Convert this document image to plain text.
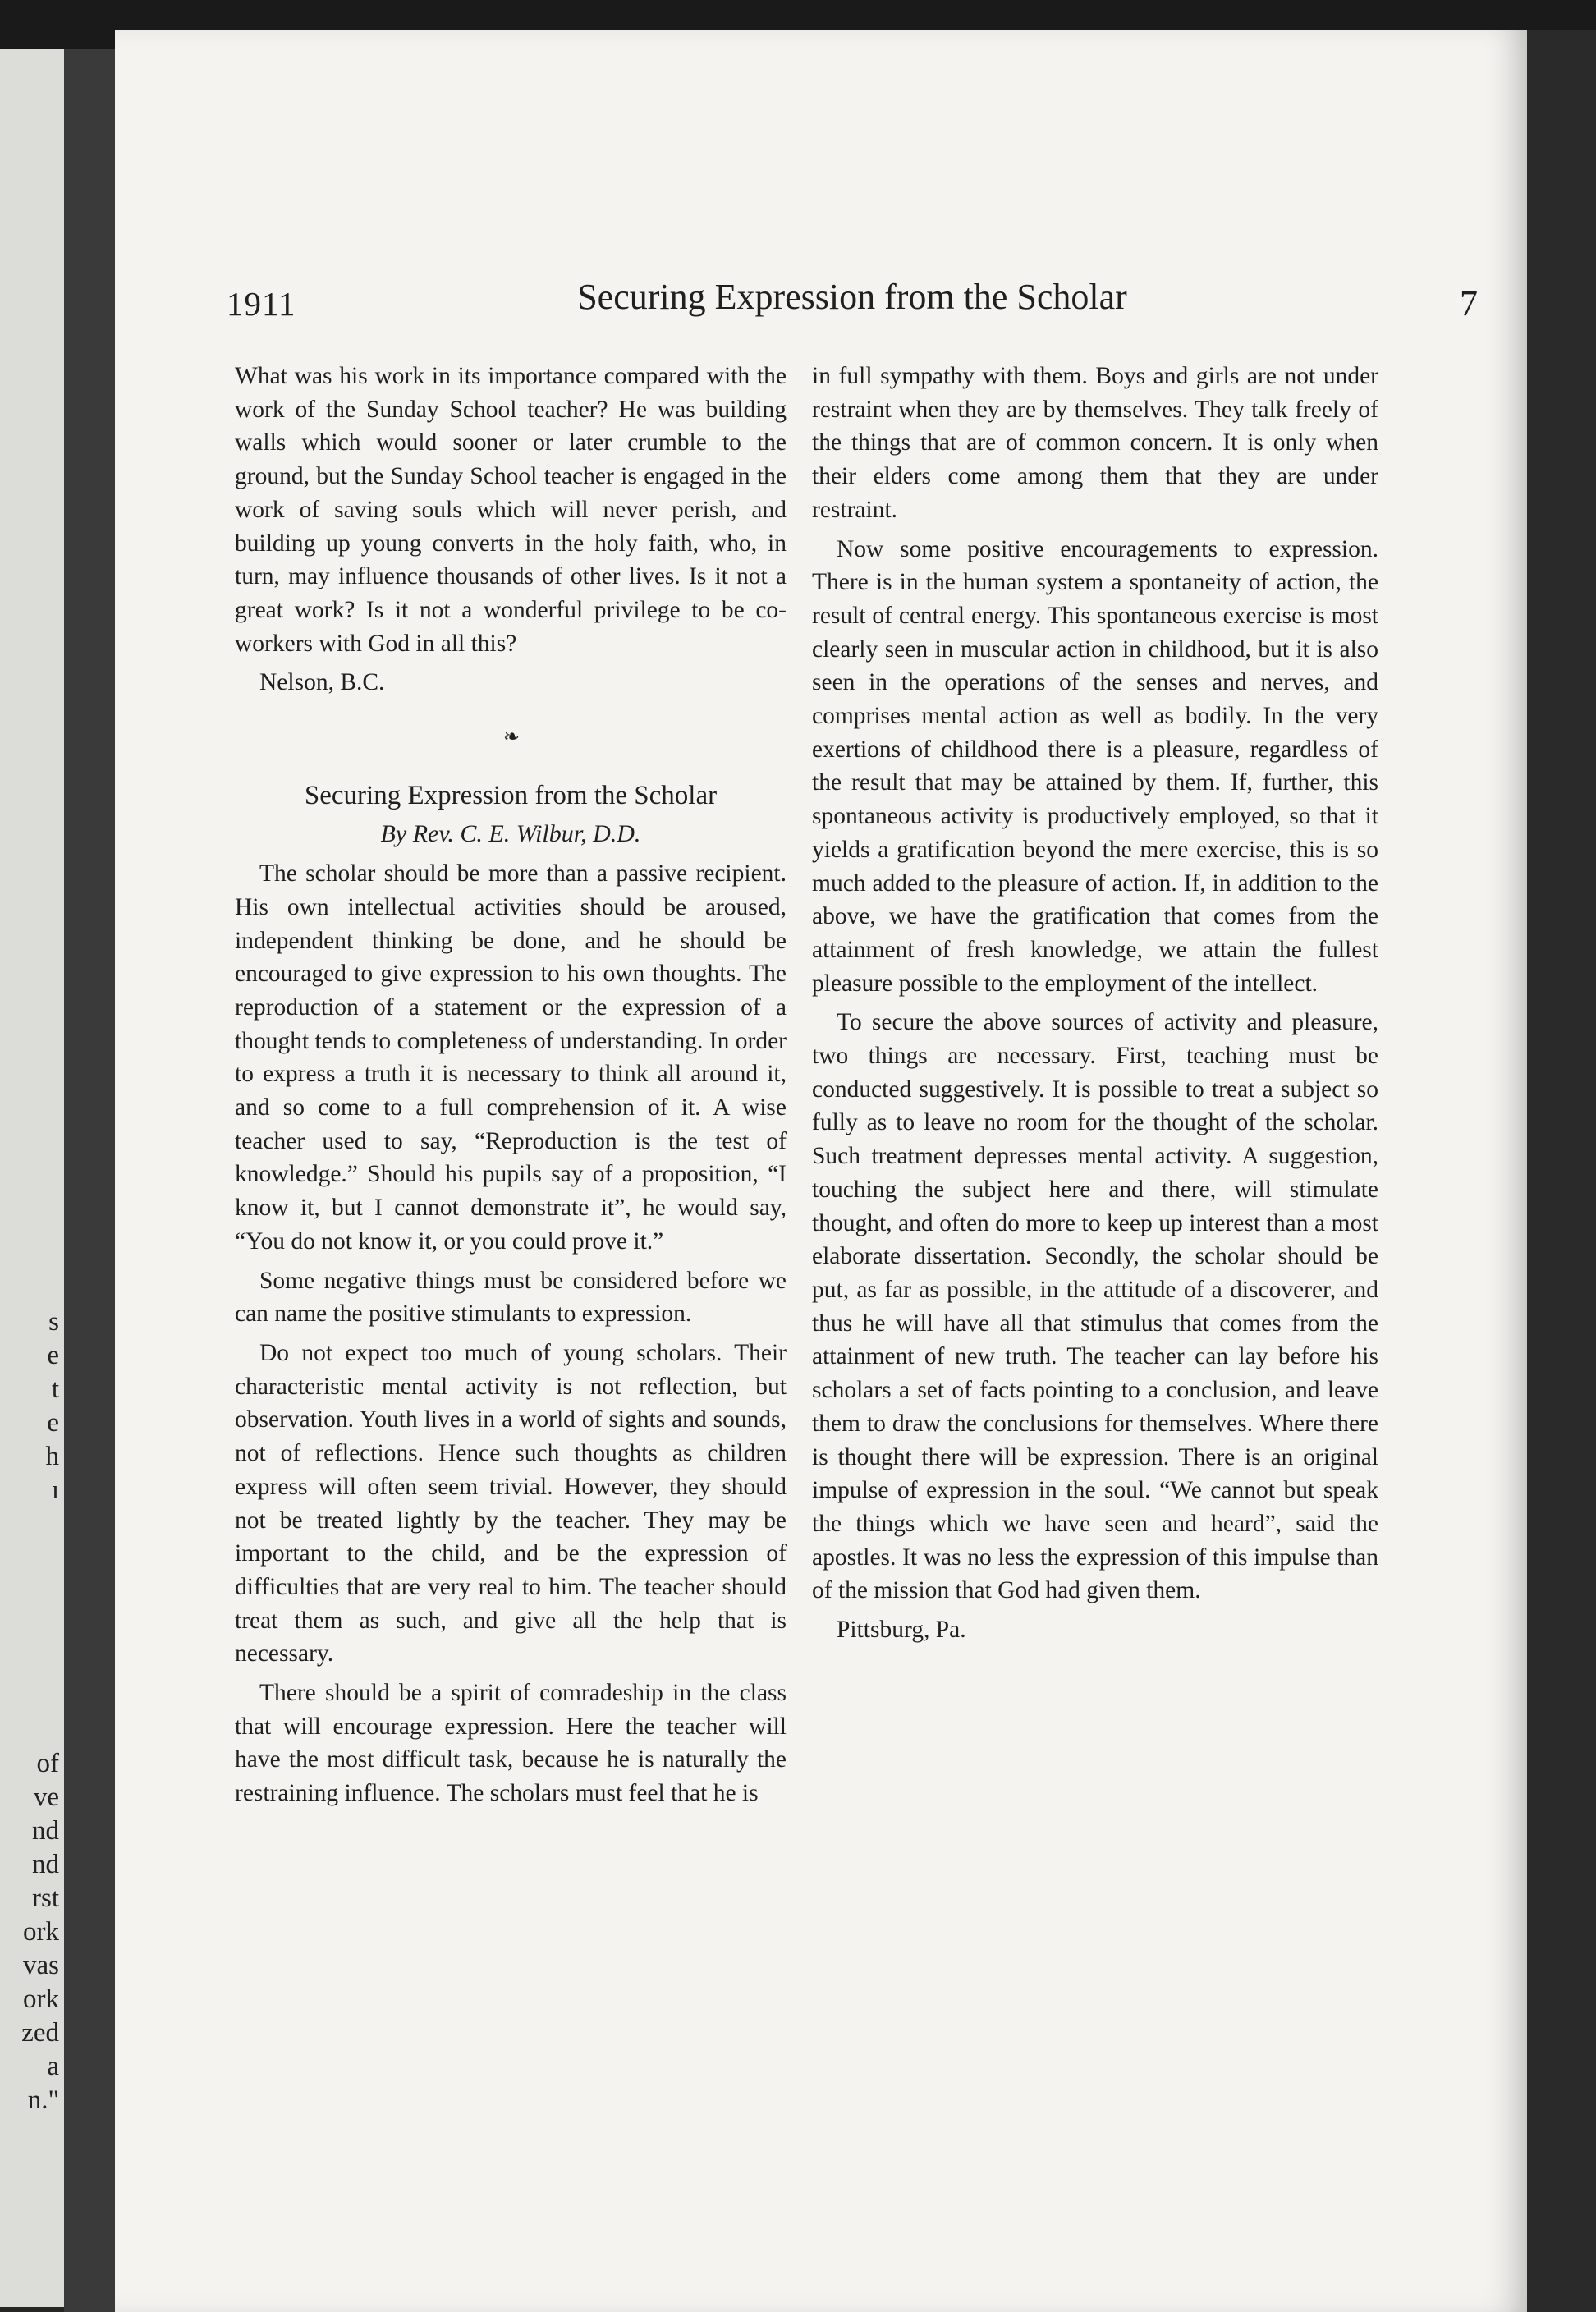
s
e
t
e
h
ı
of
ve
nd
nd
rst
ork
vas
ork
zed
a
n."
1911	Securing Expression from the Scholar	7

What was his work in its importance compared with the work of the Sunday School teacher? He was building walls which would sooner or later crumble to the ground, but the Sunday School teacher is engaged in the work of saving souls which will never perish, and building up young converts in the holy faith, who, in turn, may influence thousands of other lives. Is it not a great work? Is it not a wonderful privilege to be co-workers with God in all this?

Nelson, B.C.

❧

Securing Expression from the Scholar

By Rev. C. E. Wilbur, D.D.

The scholar should be more than a passive recipient. His own intellectual activities should be aroused, independent thinking be done, and he should be encouraged to give expression to his own thoughts. The reproduction of a statement or the expression of a thought tends to completeness of understanding. In order to express a truth it is necessary to think all around it, and so come to a full comprehension of it. A wise teacher used to say, “Reproduction is the test of knowledge.” Should his pupils say of a proposition, “I know it, but I cannot demonstrate it”, he would say, “You do not know it, or you could prove it.”

Some negative things must be considered before we can name the positive stimulants to expression.

Do not expect too much of young scholars. Their characteristic mental activity is not reflection, but observation. Youth lives in a world of sights and sounds, not of reflections. Hence such thoughts as children express will often seem trivial. However, they should not be treated lightly by the teacher. They may be important to the child, and be the expression of difficulties that are very real to him. The teacher should treat them as such, and give all the help that is necessary.

There should be a spirit of comradeship in the class that will encourage expression. Here the teacher will have the most difficult task, because he is naturally the restraining influence. The scholars must feel that he is

in full sympathy with them. Boys and girls are not under restraint when they are by themselves. They talk freely of the things that are of common concern. It is only when their elders come among them that they are under restraint.

Now some positive encouragements to expression. There is in the human system a spontaneity of action, the result of central energy. This spontaneous exercise is most clearly seen in muscular action in childhood, but it is also seen in the operations of the senses and nerves, and comprises mental action as well as bodily. In the very exertions of childhood there is a pleasure, regardless of the result that may be attained by them. If, further, this spontaneous activity is productively employed, so that it yields a gratification beyond the mere exercise, this is so much added to the pleasure of action. If, in addition to the above, we have the gratification that comes from the attainment of fresh knowledge, we attain the fullest pleasure possible to the employment of the intellect.

To secure the above sources of activity and pleasure, two things are necessary. First, teaching must be conducted suggestively. It is possible to treat a subject so fully as to leave no room for the thought of the scholar. Such treatment depresses mental activity. A suggestion, touching the subject here and there, will stimulate thought, and often do more to keep up interest than a most elaborate dissertation. Secondly, the scholar should be put, as far as possible, in the attitude of a discoverer, and thus he will have all that stimulus that comes from the attainment of new truth. The teacher can lay before his scholars a set of facts pointing to a conclusion, and leave them to draw the conclusions for themselves. Where there is thought there will be expression. There is an original impulse of expression in the soul. “We cannot but speak the things which we have seen and heard”, said the apostles. It was no less the expression of this impulse than of the mission that God had given them.

Pittsburg, Pa.
